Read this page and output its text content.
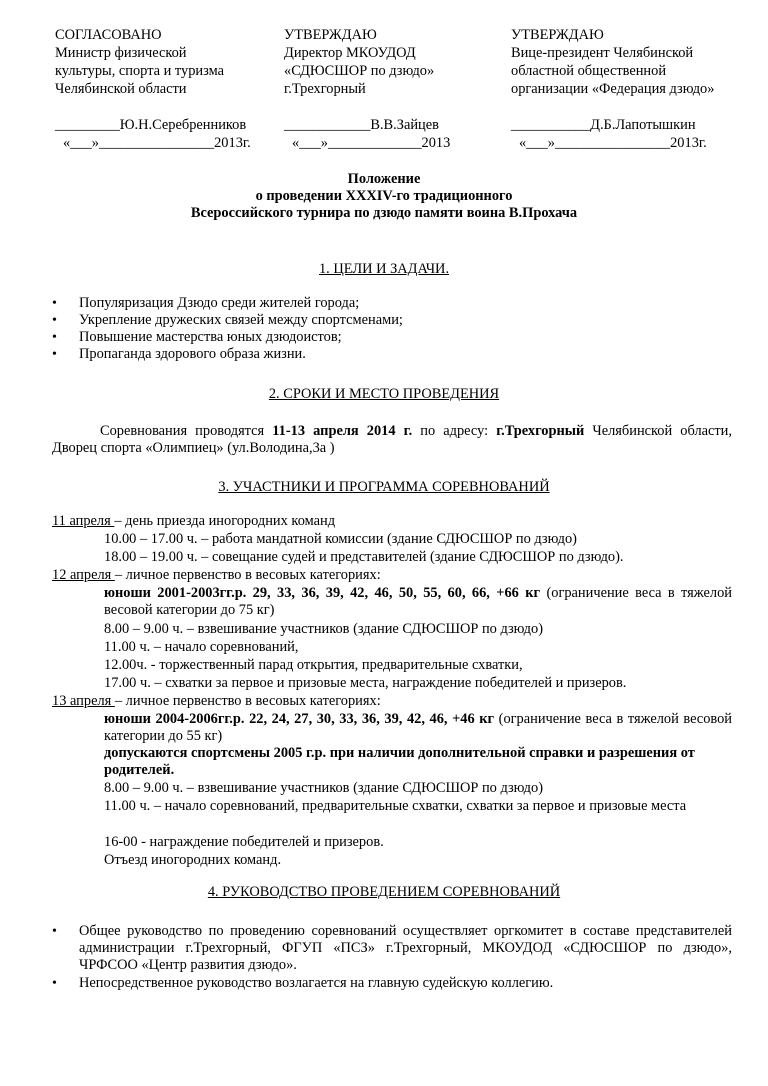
СОГЛАСОВАНО
Министр физической
культуры, спорта и туризма
Челябинской области
_________Ю.Н.Серебренников
«___»________________2013г.
УТВЕРЖДАЮ
Директор МКОУДОД
«СДЮСШОР по дзюдо»
г.Трехгорный
____________В.В.Зайцев
«___»_____________2013
УТВЕРЖДАЮ
Вице-президент Челябинской
областной общественной
организации «Федерация дзюдо»
___________Д.Б.Лапотышкин
«___»________________2013г.
Положение
о проведении XXXIV-го традиционного
Всероссийского турнира по дзюдо памяти воина В.Прохача
1. ЦЕЛИ И ЗАДАЧИ.
• Популяризация Дзюдо среди жителей города;
• Укрепление дружеских связей между спортсменами;
• Повышение мастерства юных дзюдоистов;
• Пропаганда здорового образа жизни.
2. СРОКИ И МЕСТО ПРОВЕДЕНИЯ
Соревнования проводятся 11-13 апреля 2014 г. по адресу: г.Трехгорный Челябинской области, Дворец спорта «Олимпиец» (ул.Володина,3а )
3. УЧАСТНИКИ И ПРОГРАММА СОРЕВНОВАНИЙ
11 апреля – день приезда иногородних команд
10.00 – 17.00 ч. – работа мандатной комиссии (здание СДЮСШОР по дзюдо)
18.00 – 19.00 ч. – совещание судей и представителей (здание СДЮСШОР по дзюдо).
12 апреля – личное первенство в весовых категориях:
юноши 2001-2003гг.р. 29, 33, 36, 39, 42, 46, 50, 55, 60, 66, +66 кг (ограничение веса в тяжелой весовой категории до 75 кг)
8.00 – 9.00 ч. – взвешивание участников (здание СДЮСШОР по дзюдо)
11.00 ч. – начало соревнований,
12.00ч. - торжественный парад открытия, предварительные схватки,
17.00 ч. – схватки за первое и призовые места, награждение победителей и призеров.
13 апреля – личное первенство в весовых категориях:
юноши 2004-2006гг.р. 22, 24, 27, 30, 33, 36, 39, 42, 46, +46 кг (ограничение веса в тяжелой весовой категории до 55 кг)
допускаются спортсмены 2005 г.р. при наличии дополнительной справки и разрешения от родителей.
8.00 – 9.00 ч. – взвешивание участников (здание СДЮСШОР по дзюдо)
11.00 ч. – начало соревнований, предварительные схватки, схватки за первое и призовые места
16-00 - награждение победителей и призеров.
Отъезд иногородних команд.
4. РУКОВОДСТВО ПРОВЕДЕНИЕМ СОРЕВНОВАНИЙ
• Общее руководство по проведению соревнований осуществляет оргкомитет в составе представителей администрации г.Трехгорный, ФГУП «ПСЗ» г.Трехгорный, МКОУДОД «СДЮСШОР по дзюдо», ЧРФСОО «Центр развития дзюдо».
• Непосредственное руководство возлагается на главную судейскую коллегию.
